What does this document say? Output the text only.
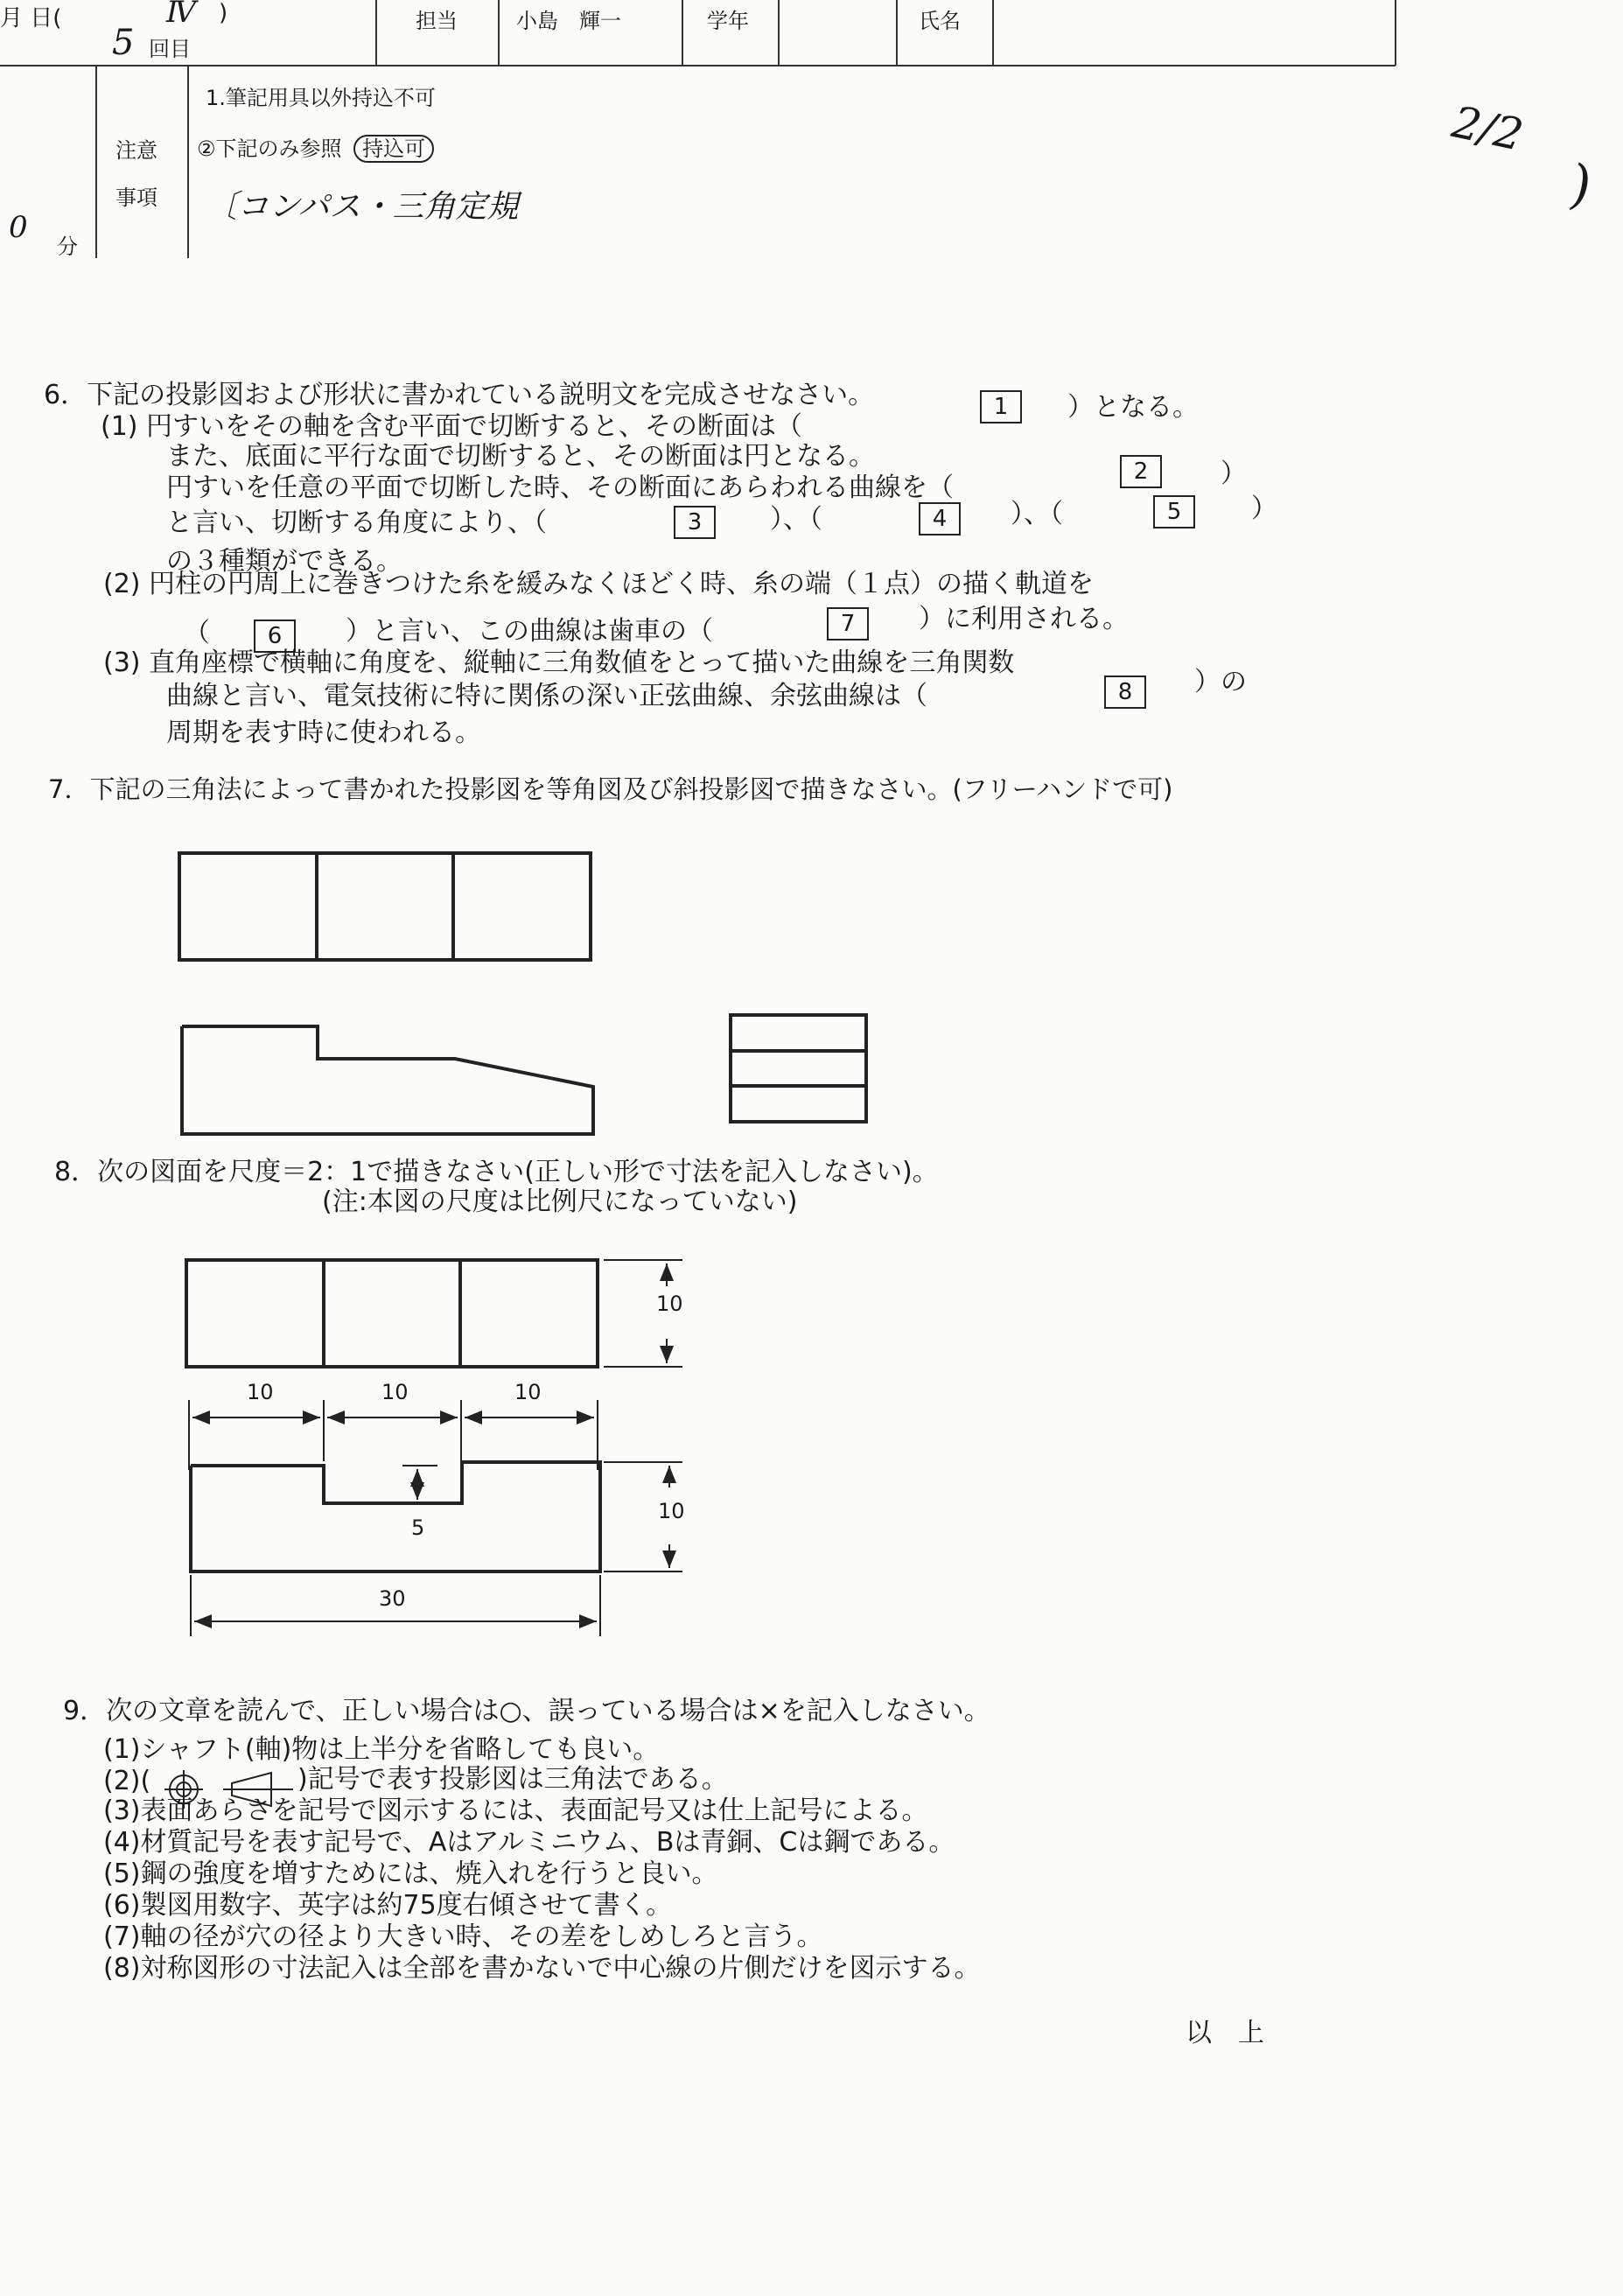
月 日(	Ⅳ )
5 回目
担当	小島　輝一	学年	氏名
0
分
注意
事項
1.筆記用具以外持込不可
②下記のみ参照 持込可
〔コンパス・三角定規
2/2
)
6．下記の投影図および形状に書かれている説明文を完成させなさい。
(1) 円すいをその軸を含む平面で切断すると、その断面は（
1	）となる。
また、底面に平行な面で切断すると、その断面は円となる。
円すいを任意の平面で切断した時、その断面にあらわれる曲線を（
2	）
と言い、切断する角度により、（	3	）、（	4	）、（	5	）
の３種類ができる。
(2) 円柱の円周上に巻きつけた糸を緩みなくほどく時、糸の端（１点）の描く軌道を
（	6	）と言い、この曲線は歯車の（	7	）に利用される。
(3) 直角座標で横軸に角度を、縦軸に三角数値をとって描いた曲線を三角関数
曲線と言い、電気技術に特に関係の深い正弦曲線、余弦曲線は（	8	）の
周期を表す時に使われる。
7．下記の三角法によって書かれた投影図を等角図及び斜投影図で描きなさい。(フリーハンドで可)
8．次の図面を尺度＝2：1で描きなさい(正しい形で寸法を記入しなさい)。
(注:本図の尺度は比例尺になっていない)
10
10	10	10
10
5
30
9．次の文章を読んで、正しい場合は○、誤っている場合は×を記入しなさい。
(1)シャフト(軸)物は上半分を省略しても良い。
(2)(	)記号で表す投影図は三角法である。
(3)表面あらさを記号で図示するには、表面記号又は仕上記号による。
(4)材質記号を表す記号で、Aはアルミニウム、Bは青銅、Cは鋼である。
(5)鋼の強度を増すためには、焼入れを行うと良い。
(6)製図用数字、英字は約75度右傾させて書く。
(7)軸の径が穴の径より大きい時、その差をしめしろと言う。
(8)対称図形の寸法記入は全部を書かないで中心線の片側だけを図示する。
以　上
